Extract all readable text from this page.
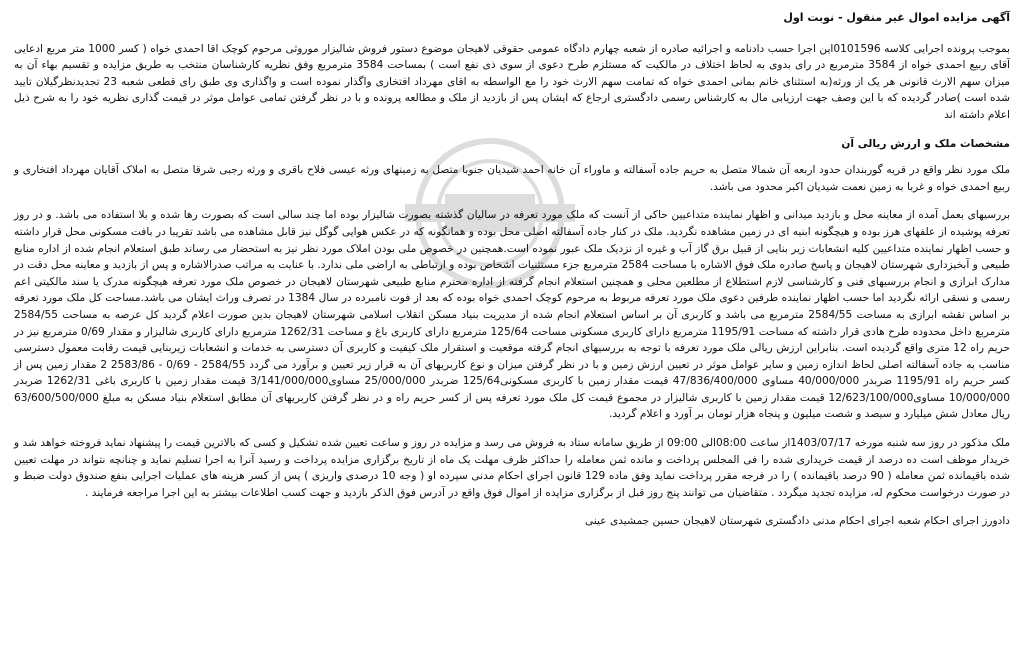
آگهی مزایده اموال غیر منقول - نوبت اول
بموجب پرونده اجرایی کلاسه 0101596این اجرا حسب دادنامه و اجرائیه صادره از شعبه چهارم دادگاه عمومی حقوقی لاهیجان موضوع دستور فروش شالیزار موروثی مرحوم کوچک اقا احمدی خواه ( کسر 1000 متر مربع ادعایی آقای ربیع احمدی خواه از 3584 مترمربع در رای بدوی به لحاظ اختلاف در مالکیت که مستلزم طرح دعوی از سوی ذی نفع است ) بمساحت 3584 مترمربع وفق نظریه کارشناسان منتخب به طریق مزایده و تقسیم بهاء آن به میزان سهم الارث قانونی هر یک از ورثه(به استثنای خانم بمانی احمدی خواه که تمامت سهم الارث خود را مع الواسطه به اقای مهرداد افتخاری واگذار نموده است و واگذاری وی طبق رای قطعی شعبه 23 تجدیدنظرگیلان تایید شده است )صادر گردیده که با این وصف جهت ارزیابی مال به کارشناس رسمی دادگستری ارجاع که ایشان پس از بازدید از ملک و مطالعه پرونده و با در نظر گرفتن تمامی عوامل موثر در قیمت گذاری نظریه خود را به شرح ذیل اعلام داشته اند
مشخصات ملک و ارزش ریالی آن
ملک مورد نظر واقع در قریه گوربندان حدود اربعه آن شمالا متصل به حریم جاده آسفالته و ماوراء آن خانه احمد شیدیان جنوبا متصل به زمینهای ورثه عیسی فلاح باقری و ورثه رجبی شرقا متصل به املاک آقایان مهرداد افتخاری و ربیع احمدی خواه و غربا به زمین نعمت شیدیان اکبر محدود می باشد.
بررسیهای بعمل آمده از معاینه محل و بازدید میدانی و اظهار نماینده متداعیین حاکی از آنست که ملک مورد تعرفه در سالیان گذشته بصورت شالیزار بوده اما چند سالی است که بصورت رها شده و بلا استفاده می باشد. و در روز تعرفه پوشیده از علفهای هرز بوده و هیچگونه ابنیه ای در زمین مشاهده نگردید. ملک در کنار جاده آسفالته اصلی محل بوده و همانگونه که در عکس هوایی گوگل نیز قابل مشاهده می باشد تقریبا در بافت مسکونی محل قرار داشته و حسب اظهار نماینده متداعیین کلیه انشعابات زیر بنایی از قبیل برق گاز آب و غیره از نزدیک ملک عبور نموده است.همچنین در خصوص ملی بودن املاک مورد نظر نیز به استحضار می رساند طبق استعلام انجام شده از اداره منابع طبیعی و آبخیزداری شهرستان لاهیجان و پاسخ صادره ملک فوق الاشاره با مساحت 2584 مترمربع جزء مستثنیات اشخاص بوده و ارتباطی به اراضی ملی ندارد. با عنایت به مراتب صدرالاشاره و پس از بازدید و معاینه محل دقت در مدارک ابرازی و انجام بررسیهای فنی و کارشناسی لازم استطلاع از مطلعین محلی و همچنین استعلام انجام گرفته از اداره محترم منابع طبیعی شهرستان لاهیجان در خصوص ملک مورد تعرفه هیچگونه مدرک یا سند مالکیتی اعم رسمی و نسقی ارائه نگردید اما حسب اظهار نماینده طرفین دعوی ملک مورد تعرفه مربوط به مرحوم کوچک احمدی خواه بوده که بعد از فوت نامبرده در سال 1384 در تصرف وراث ایشان می باشد.مساحت کل ملک مورد تعرفه بر اساس نقشه ابرازی به مساحت 2584/55 مترمربع می باشد و کاربری آن بر اساس استعلام انجام شده از مدیریت بنیاد مسکن انقلاب اسلامی شهرستان لاهیجان بدین صورت اعلام گردید کل عرصه به مساحت 2584/55 مترمربع داخل محدوده طرح هادی قرار داشته که مساحت 1195/91 مترمربع دارای کاربری مسکونی مساحت 125/64 مترمربع دارای کاربری باغ و مساحت 1262/31 مترمربع دارای کاربری شالیزار و مقدار 0/69 مترمربع نیز در حریم راه 12 متری واقع گردیده است. بنابراین ارزش ریالی ملک مورد تعرفه با توجه به بررسیهای انجام گرفته موقعیت و استقرار ملک کیفیت و کاربری آن دسترسی به خدمات و انشعابات زیربنایی قیمت رقابت معمول دسترسی مناسب به جاده آسفالته اصلی لحاظ اندازه زمین و سایر عوامل موثر در تعیین ارزش زمین و با در نظر گرفتن میزان و نوع کاربریهای آن به قرار زیر تعیین و برآورد می گردد 2584/55 - 0/69 - 2583/86 2 مقدار زمین پس از کسر حریم راه 1195/91 ضربدر 40/000/000 مساوی 47/836/400/000 قیمت مقدار زمین با کاربری مسکونی125/64 ضربدر 25/000/000 مساوی3/141/000/000 قیمت مقدار زمین با کاربری باغی 1262/31 ضربدر 10/000/000 مساوی12/623/100/000 قیمت مقدار زمین با کاربری شالیزار در مجموع قیمت کل ملک مورد تعرفه پس از کسر حریم راه و در نظر گرفتن کاربریهای آن مطابق استعلام بنیاد مسکن به مبلغ 63/600/500/000 ریال معادل شش میلیارد و سیصد و شصت میلیون و پنجاه هزار تومان بر آورد و اعلام گردید.
ملک مذکور در روز سه شنبه مورخه 1403/07/17از ساعت 08:00الی 09:00 از طریق سامانه ستاد به فروش می رسد و مزایده در روز و ساعت تعیین شده تشکیل و کسی که بالاترین قیمت را پیشنهاد نماید فروخته خواهد شد و خریدار موظف است ده درصد از قیمت خریداری شده را فی المجلس پرداخت و مانده ثمن معامله را حداکثر ظرف مهلت یک ماه از تاریخ برگزاری مزایده پرداخت و رسید آنرا به اجرا تسلیم نماید و چنانچه نتواند در مهلت تعیین شده باقیمانده ثمن معامله ( 90 درصد باقیمانده ) را در فرجه مقرر پرداخت نماید وفق ماده 129 قانون اجرای احکام مدنی سپرده او ( وجه 10 درصدی واریزی ) پس از کسر هزینه های عملیات اجرایی بنفع صندوق دولت ضبط و در صورت درخواست محکوم له، مزایده تجدید میگردد . متقاضیان می توانند پنج روز قبل از برگزاری مزایده از اموال فوق واقع در آدرس فوق الذکر بازدید و جهت کسب اطلاعات بیشتر به این اجرا مراجعه فرمایند .
دادورز اجرای احکام شعبه اجرای احکام مدنی دادگستری شهرستان لاهیجان حسین جمشیدی عینی
